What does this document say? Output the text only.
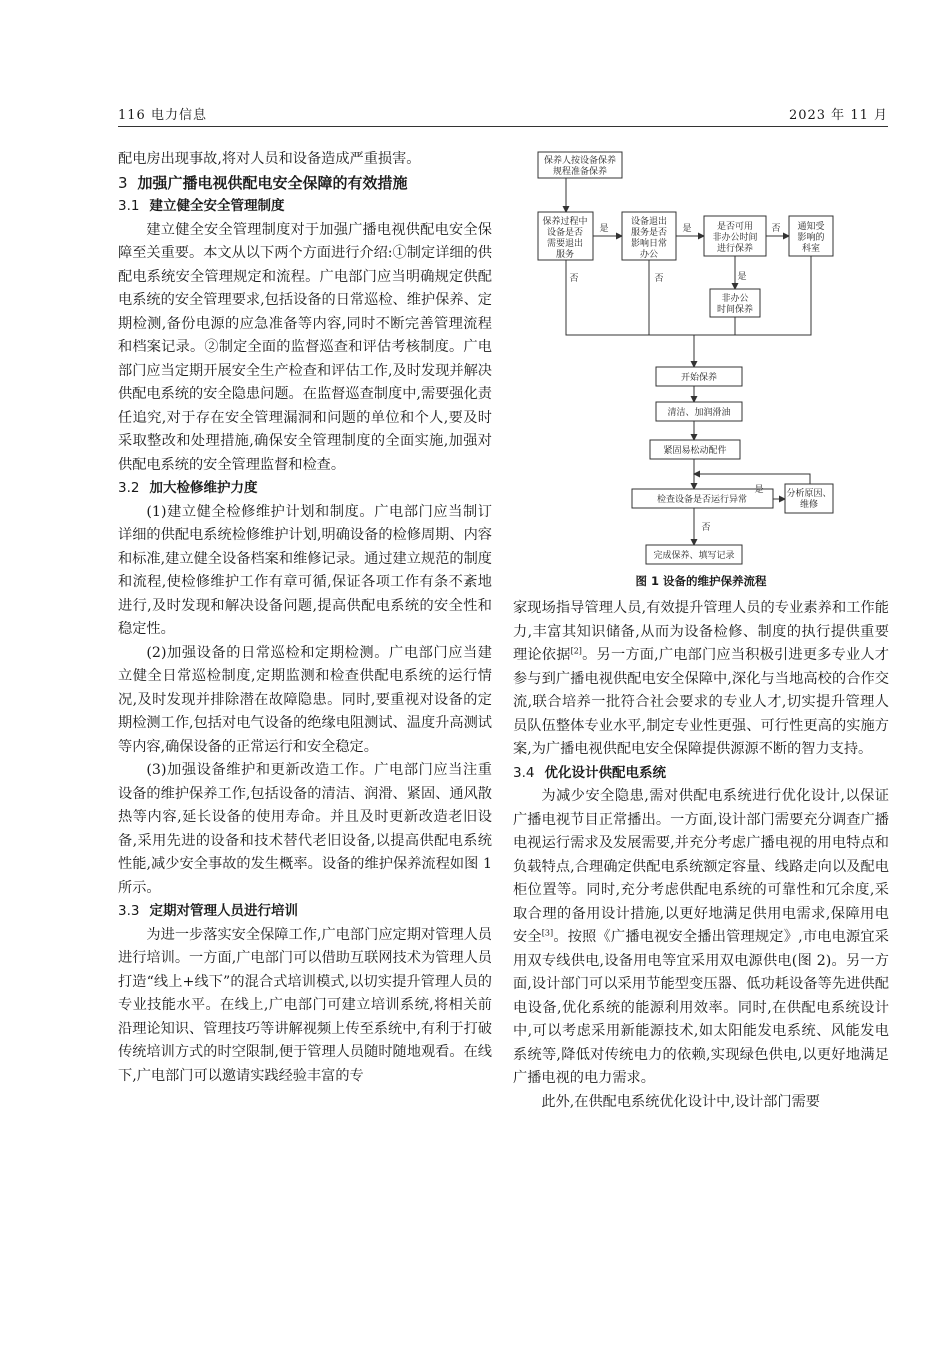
116 电力信息	2023 年 11 月

配电房出现事故,将对人员和设备造成严重损害。

3 加强广播电视供配电安全保障的有效措施

3.1 建立健全安全管理制度

建立健全安全管理制度对于加强广播电视供配电安全保障至关重要。本文从以下两个方面进行介绍:①制定详细的供配电系统安全管理规定和流程。广电部门应当明确规定供配电系统的安全管理要求,包括设备的日常巡检、维护保养、定期检测,备份电源的应急准备等内容,同时不断完善管理流程和档案记录。②制定全面的监督巡查和评估考核制度。广电部门应当定期开展安全生产检查和评估工作,及时发现并解决供配电系统的安全隐患问题。在监督巡查制度中,需要强化责任追究,对于存在安全管理漏洞和问题的单位和个人,要及时采取整改和处理措施,确保安全管理制度的全面实施,加强对供配电系统的安全管理监督和检查。

3.2 加大检修维护力度

(1)建立健全检修维护计划和制度。广电部门应当制订详细的供配电系统检修维护计划,明确设备的检修周期、内容和标准,建立健全设备档案和维修记录。通过建立规范的制度和流程,使检修维护工作有章可循,保证各项工作有条不紊地进行,及时发现和解决设备问题,提高供配电系统的安全性和稳定性。

(2)加强设备的日常巡检和定期检测。广电部门应当建立健全日常巡检制度,定期监测和检查供配电系统的运行情况,及时发现并排除潜在故障隐患。同时,要重视对设备的定期检测工作,包括对电气设备的绝缘电阻测试、温度升高测试等内容,确保设备的正常运行和安全稳定。

(3)加强设备维护和更新改造工作。广电部门应当注重设备的维护保养工作,包括设备的清洁、润滑、紧固、通风散热等内容,延长设备的使用寿命。并且及时更新改造老旧设备,采用先进的设备和技术替代老旧设备,以提高供配电系统性能,减少安全事故的发生概率。设备的维护保养流程如图 1 所示。

3.3 定期对管理人员进行培训

为进一步落实安全保障工作,广电部门应定期对管理人员进行培训。一方面,广电部门可以借助互联网技术为管理人员打造“线上+线下”的混合式培训模式,以切实提升管理人员的专业技能水平。在线上,广电部门可建立培训系统,将相关前沿理论知识、管理技巧等讲解视频上传至系统中,有利于打破传统培训方式的时空限制,便于管理人员随时随地观看。在线下,广电部门可以邀请实践经验丰富的专

保养人按设备保养
规程准备保养
保养过程中
设备是否
需要退出
服务
设备退出
服务是否
影响日常
办公
是否可用
非办公时间
进行保养
通知受
影响的
科室
非办公
时间保养
开始保养
清洁、加润滑油
紧固易松动配件
检查设备是否运行异常
分析原因、
维修
完成保养、填写记录
是	是	否
是
否	否
是
否
图 1 设备的维护保养流程

家现场指导管理人员,有效提升管理人员的专业素养和工作能力,丰富其知识储备,从而为设备检修、制度的执行提供重要理论依据[2]。另一方面,广电部门应当积极引进更多专业人才参与到广播电视供配电安全保障中,深化与当地高校的合作交流,联合培养一批符合社会要求的专业人才,切实提升管理人员队伍整体专业水平,制定专业性更强、可行性更高的实施方案,为广播电视供配电安全保障提供源源不断的智力支持。

3.4 优化设计供配电系统

为减少安全隐患,需对供配电系统进行优化设计,以保证广播电视节目正常播出。一方面,设计部门需要充分调查广播电视运行需求及发展需要,并充分考虑广播电视的用电特点和负载特点,合理确定供配电系统额定容量、线路走向以及配电柜位置等。同时,充分考虑供配电系统的可靠性和冗余度,采取合理的备用设计措施,以更好地满足供用电需求,保障用电安全[3]。按照《广播电视安全播出管理规定》,市电电源宜采用双专线供电,设备用电等宜采用双电源供电(图 2)。另一方面,设计部门可以采用节能型变压器、低功耗设备等先进供配电设备,优化系统的能源利用效率。同时,在供配电系统设计中,可以考虑采用新能源技术,如太阳能发电系统、风能发电系统等,降低对传统电力的依赖,实现绿色供电,以更好地满足广播电视的电力需求。

此外,在供配电系统优化设计中,设计部门需要
